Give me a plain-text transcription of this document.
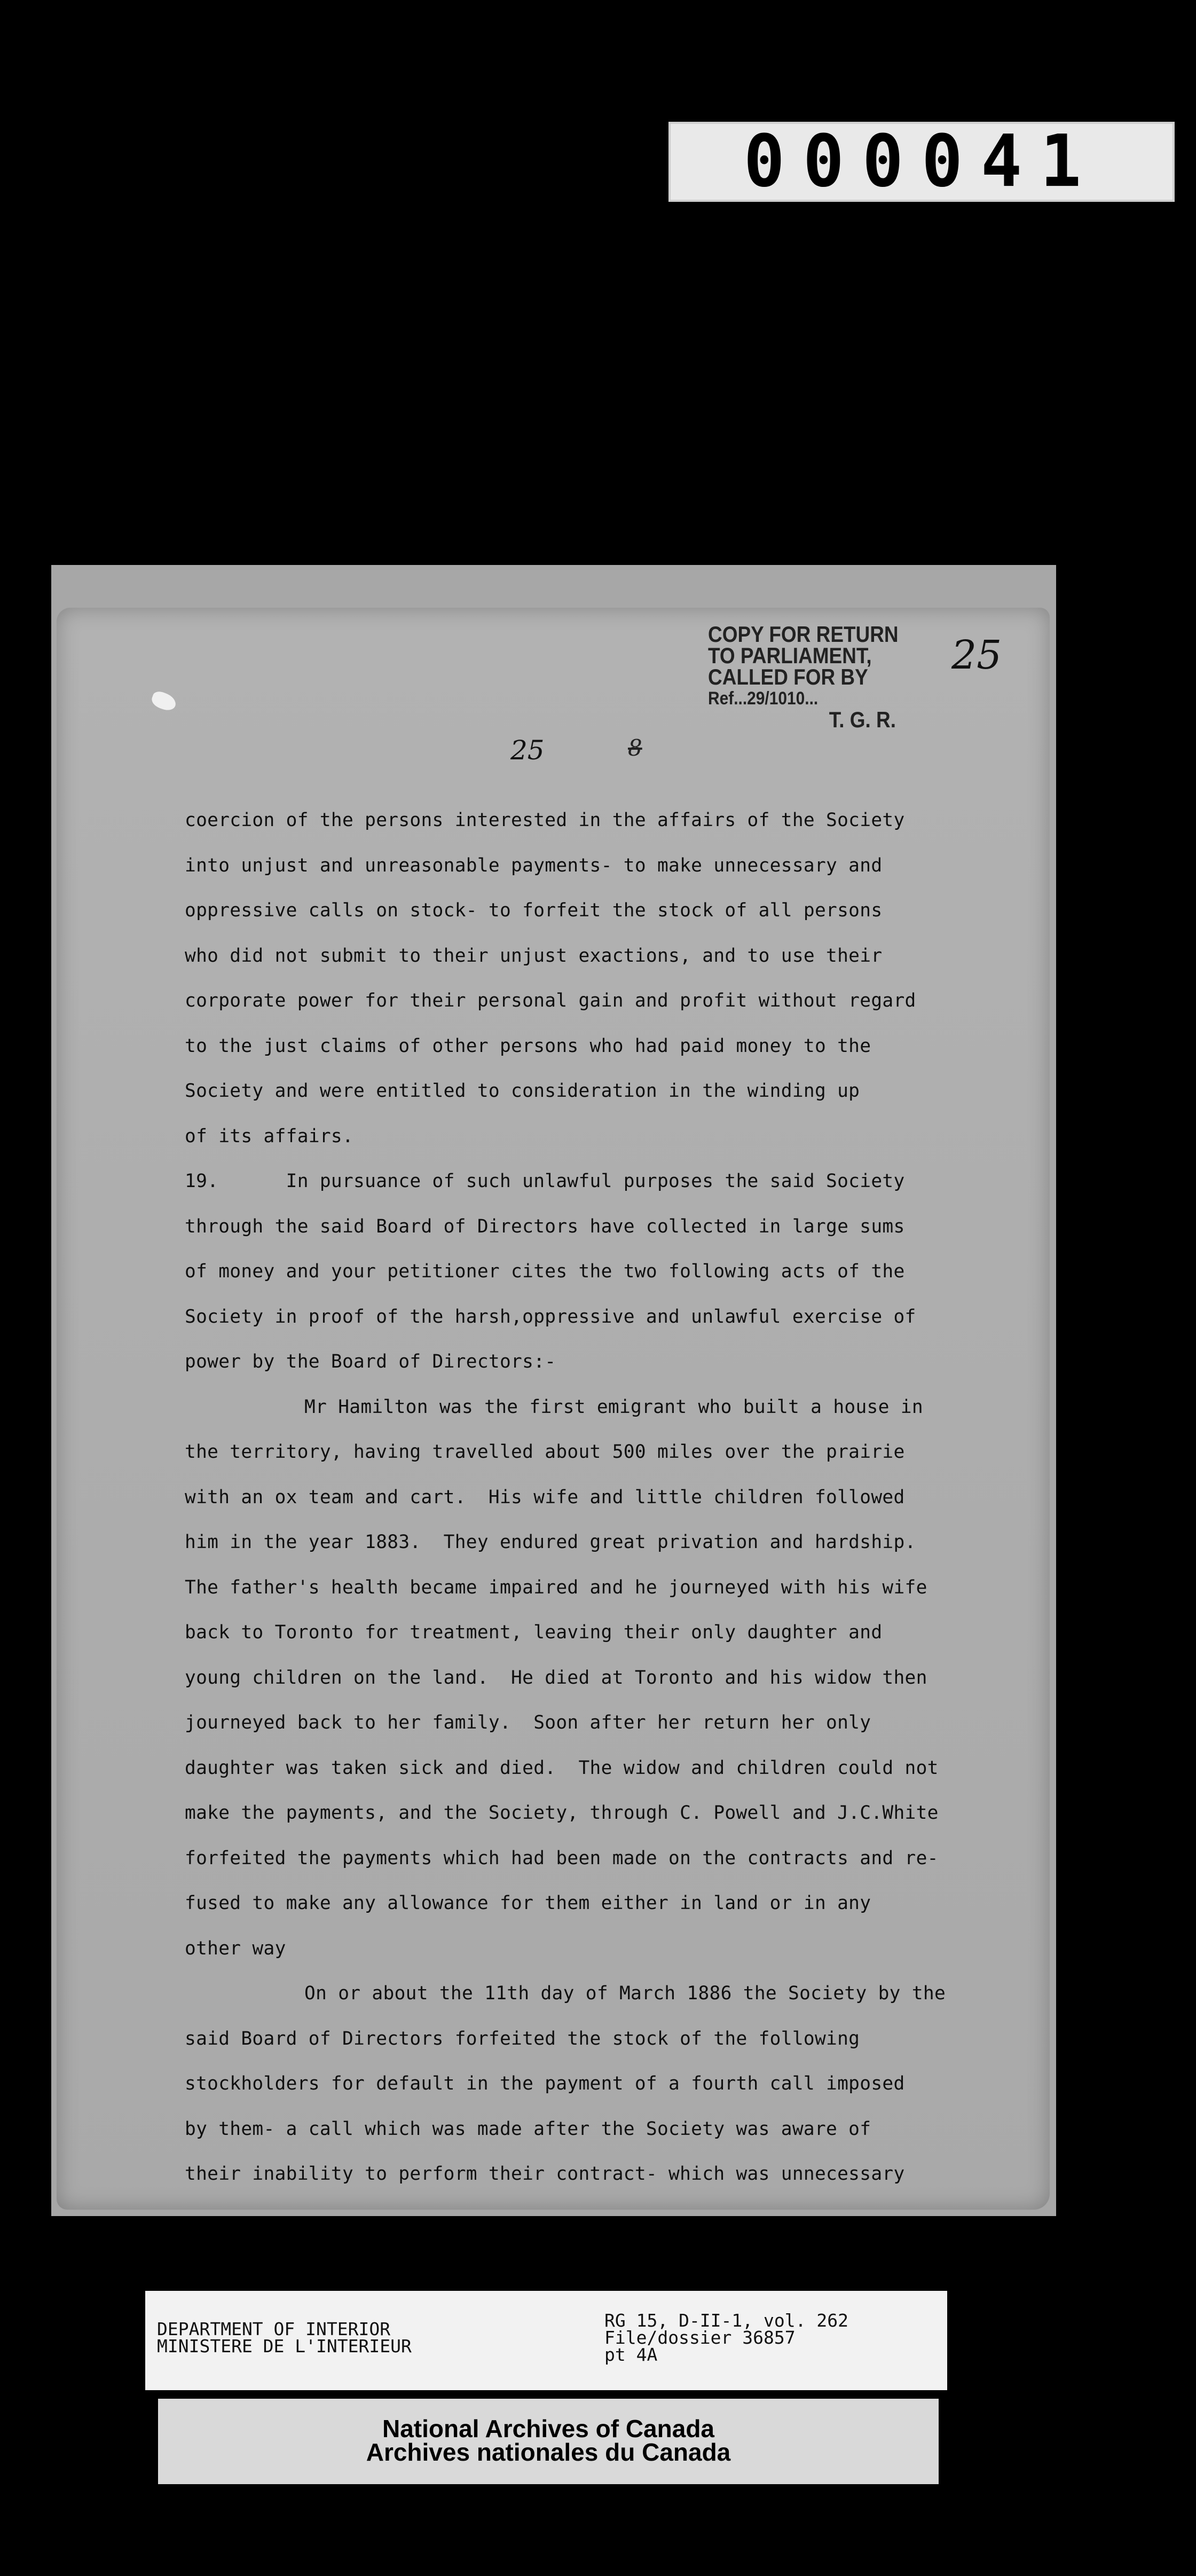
000041
COPY FOR RETURN
TO PARLIAMENT,
CALLED FOR BY
Ref...29/1010...
T. G. R.
25
25	8
coercion of the persons interested in the affairs of the Society
into unjust and unreasonable payments- to make unnecessary and
oppressive calls on stock- to forfeit the stock of all persons
who did not submit to their unjust exactions, and to use their
corporate power for their personal gain and profit without regard
to the just claims of other persons who had paid money to the
Society and were entitled to consideration in the winding up
of its affairs.
19.      In pursuance of such unlawful purposes the said Society
through the said Board of Directors have collected in large sums
of money and your petitioner cites the two following acts of the
Society in proof of the harsh,oppressive and unlawful exercise of
power by the Board of Directors:-
Mr Hamilton was the first emigrant who built a house in
the territory, having travelled about 500 miles over the prairie
with an ox team and cart.  His wife and little children followed
him in the year 1883.  They endured great privation and hardship.
The father's health became impaired and he journeyed with his wife
back to Toronto for treatment, leaving their only daughter and
young children on the land.  He died at Toronto and his widow then
journeyed back to her family.  Soon after her return her only
daughter was taken sick and died.  The widow and children could not
make the payments, and the Society, through C. Powell and J.C.White
forfeited the payments which had been made on the contracts and re-
fused to make any allowance for them either in land or in any
other way
On or about the 11th day of March 1886 the Society by the
said Board of Directors forfeited the stock of the following
stockholders for default in the payment of a fourth call imposed
by them- a call which was made after the Society was aware of
their inability to perform their contract- which was unnecessary
DEPARTMENT OF INTERIOR
MINISTERE DE L'INTERIEUR
RG 15, D-II-1, vol. 262
File/dossier 36857
pt 4A
National Archives of Canada
Archives nationales du Canada
